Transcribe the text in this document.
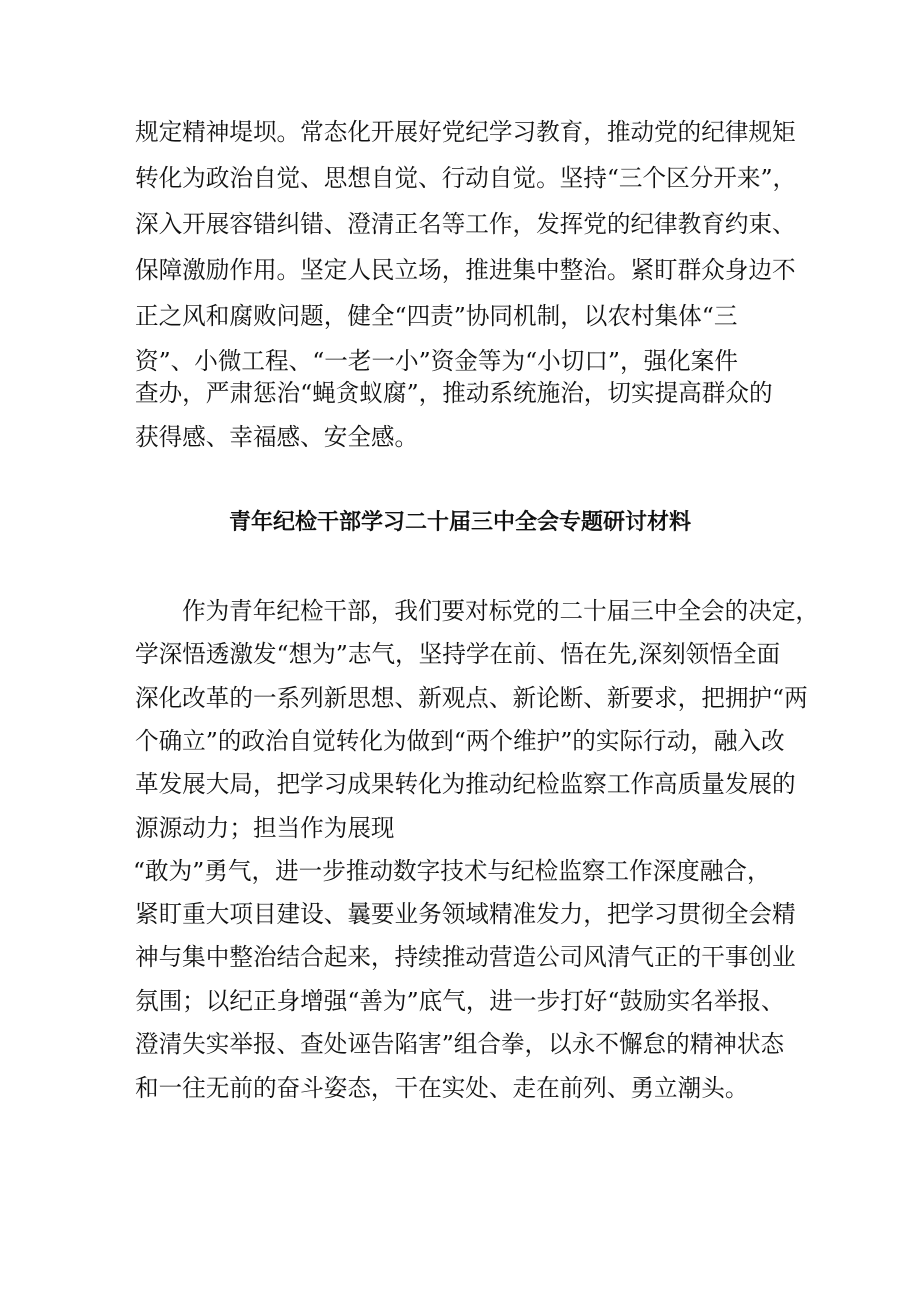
规定精神堤坝。常态化开展好党纪学习教育，推动党的纪律规矩
转化为政治自觉、思想自觉、行动自觉。坚持“三个区分开来”，
深入开展容错纠错、澄清正名等工作，发挥党的纪律教育约束、
保障激励作用。坚定人民立场，推进集中整治。紧盯群众身边不
正之风和腐败问题，健全“四责”协同机制，以农村集体“三
资”、小微工程、“一老一小”资金等为“小切口”，强化案件
查办，严肃惩治“蝇贪蚁腐”，推动系统施治，切实提高群众的
获得感、幸福感、安全感。
青年纪检干部学习二十届三中全会专题研讨材料
作为青年纪检干部，我们要对标党的二十届三中全会的决定，
学深悟透激发“想为”志气，坚持学在前、悟在先,深刻领悟全面
深化改革的一系列新思想、新观点、新论断、新要求，把拥护“两
个确立”的政治自觉转化为做到“两个维护”的实际行动，融入改
革发展大局，把学习成果转化为推动纪检监察工作高质量发展的
源源动力；担当作为展现
“敢为”勇气，进一步推动数字技术与纪检监察工作深度融合，
紧盯重大项目建设、曩要业务领域精准发力，把学习贯彻全会精
神与集中整治结合起来，持续推动营造公司风清气正的干事创业
氛围；以纪正身增强“善为”底气，进一步打好“鼓励实名举报、
澄清失实举报、查处诬告陷害”组合拳，以永不懈怠的精神状态
和一往无前的奋斗姿态，干在实处、走在前列、勇立潮头。
